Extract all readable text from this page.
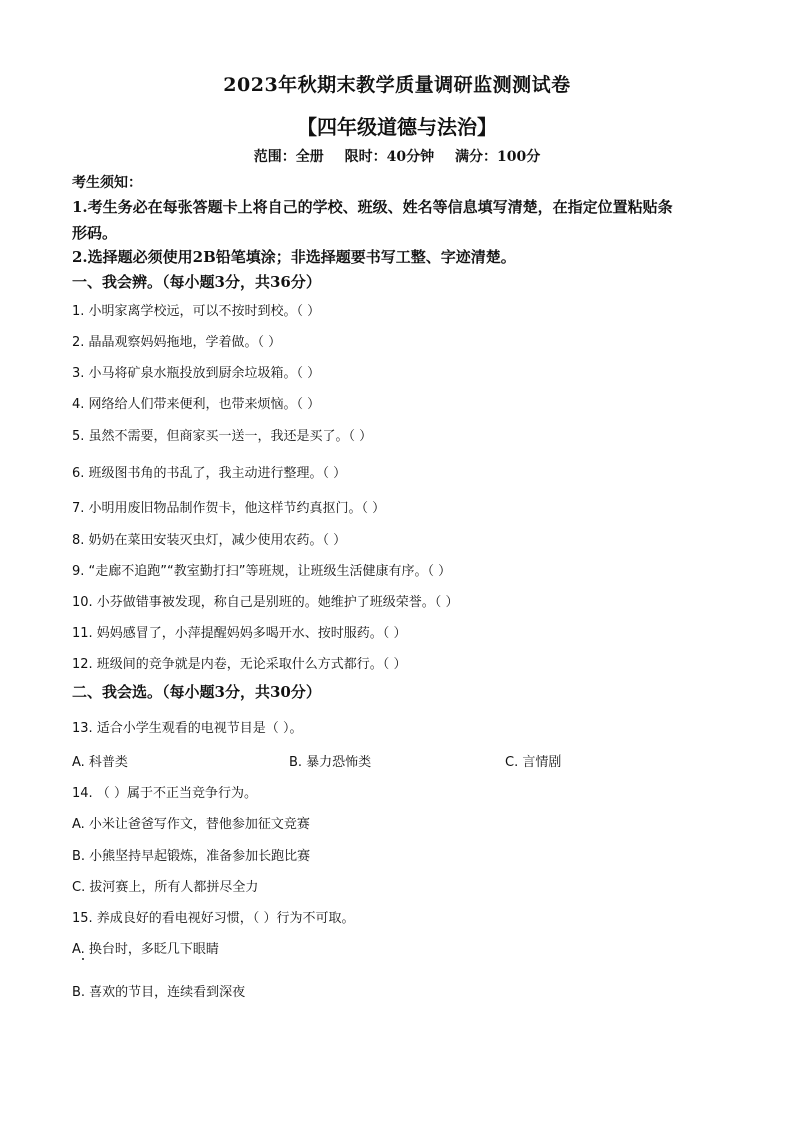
2023年秋期末教学质量调研监测测试卷
【四年级道德与法治】
范围：全册 限时：40分钟 满分：100分
考生须知：
1.考生务必在每张答题卡上将自己的学校、班级、姓名等信息填写清楚，在指定位置粘贴条
形码。
2.选择题必须使用2B铅笔填涂；非选择题要书写工整、字迹清楚。
一、我会辨。（每小题3分，共36分）
1. 小明家离学校远，可以不按时到校。（ ）
2. 晶晶观察妈妈拖地，学着做。（ ）
3. 小马将矿泉水瓶投放到厨余垃圾箱。（ ）
4. 网络给人们带来便利，也带来烦恼。（ ）
5. 虽然不需要，但商家买一送一，我还是买了。（ ）
6. 班级图书角的书乱了，我主动进行整理。（ ）
7. 小明用废旧物品制作贺卡，他这样节约真抠门。（ ）
8. 奶奶在菜田安装灭虫灯，减少使用农药。（ ）
9. “走廊不追跑”“教室勤打扫”等班规，让班级生活健康有序。（ ）
10. 小芬做错事被发现，称自己是别班的。她维护了班级荣誉。（ ）
11. 妈妈感冒了，小萍提醒妈妈多喝开水、按时服药。（ ）
12. 班级间的竞争就是内卷，无论采取什么方式都行。（ ）
二、我会选。（每小题3分，共30分）
13. 适合小学生观看的电视节目是（ ）。
A. 科普类	B. 暴力恐怖类	C. 言情剧
14. （ ）属于不正当竞争行为。
A. 小米让爸爸写作文，替他参加征文竞赛
B. 小熊坚持早起锻炼，准备参加长跑比赛
C. 拔河赛上，所有人都拼尽全力
15. 养成良好的看电视好习惯，（ ）行为不可取。
A. 换台时，多眨几下眼睛
B. 喜欢的节目，连续看到深夜
